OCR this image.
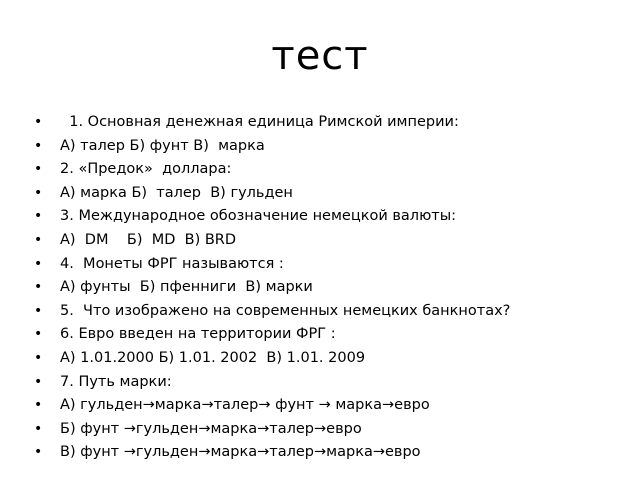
тест
• 1. Основная денежная единица Римской империи:
• А) талер Б) фунт В)  марка
• 2. «Предок»  доллара:
• А) марка Б)  талер  В) гульден
• 3. Международное обозначение немецкой валюты:
• А)  DM    Б)  MD  В) BRD
• 4.  Монеты ФРГ называются :
• А) фунты  Б) пфенниги  В) марки
• 5.  Что изображено на современных немецких банкнотах?
• 6. Евро введен на территории ФРГ :
• А) 1.01.2000 Б) 1.01. 2002  В) 1.01. 2009
• 7. Путь марки:
• А) гульден→марка→талер→ фунт → марка→евро
• Б) фунт →гульден→марка→талер→евро
• В) фунт →гульден→марка→талер→марка→евро
